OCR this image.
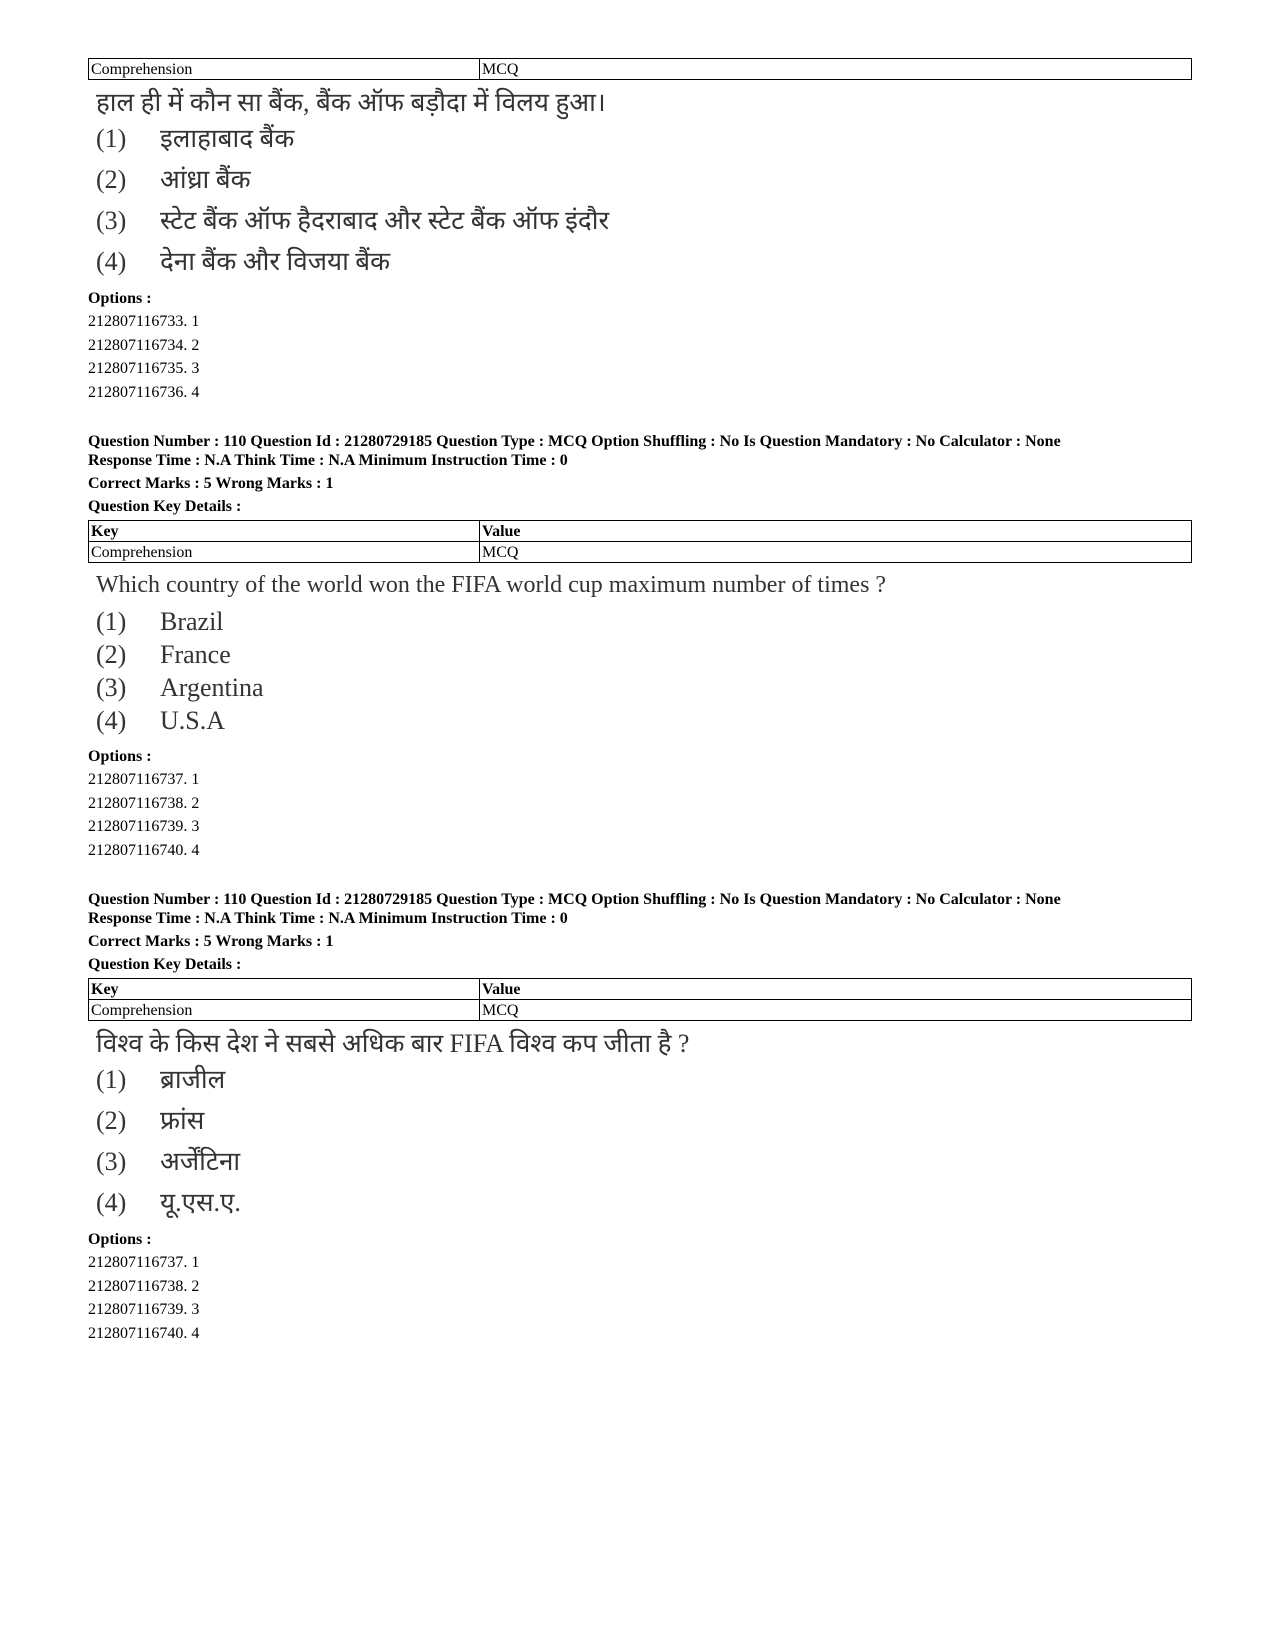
Comprehension	MCQ
हाल ही में कौन सा बैंक, बैंक ऑफ बड़ौदा में विलय हुआ।
(1)	इलाहाबाद बैंक
(2)	आंध्रा बैंक
(3)	स्टेट बैंक ऑफ हैदराबाद और स्टेट बैंक ऑफ इंदौर
(4)	देना बैंक और विजया बैंक
Options :
212807116733. 1
212807116734. 2
212807116735. 3
212807116736. 4
Question Number : 110 Question Id : 21280729185 Question Type : MCQ Option Shuffling : No Is Question Mandatory : No Calculator : None
Response Time : N.A Think Time : N.A Minimum Instruction Time : 0
Correct Marks : 5 Wrong Marks : 1
Question Key Details :
Key	Value
Comprehension	MCQ
Which country of the world won the FIFA world cup maximum number of times ?
(1)	Brazil
(2)	France
(3)	Argentina
(4)	U.S.A
Options :
212807116737. 1
212807116738. 2
212807116739. 3
212807116740. 4
Question Number : 110 Question Id : 21280729185 Question Type : MCQ Option Shuffling : No Is Question Mandatory : No Calculator : None
Response Time : N.A Think Time : N.A Minimum Instruction Time : 0
Correct Marks : 5 Wrong Marks : 1
Question Key Details :
Key	Value
Comprehension	MCQ
विश्व के किस देश ने सबसे अधिक बार FIFA विश्व कप जीता है ?
(1)	ब्राजील
(2)	फ्रांस
(3)	अर्जेंटिना
(4)	यू.एस.ए.
Options :
212807116737. 1
212807116738. 2
212807116739. 3
212807116740. 4
